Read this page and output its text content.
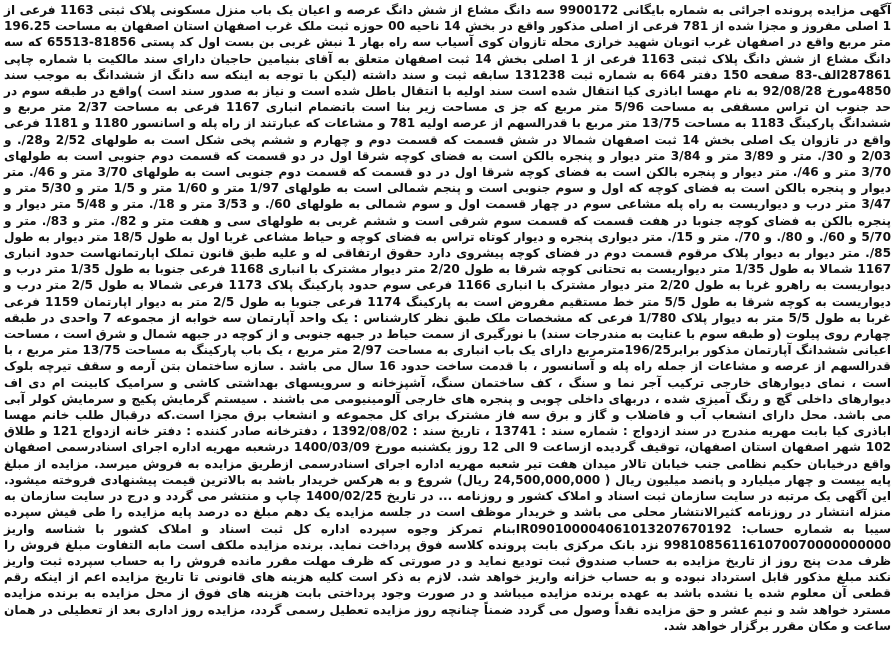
آگهی مزایده پرونده اجرائی به شماره بایگانی 9900172 سه دانگ مشاع از شش دانگ عرصه و اعیان یک باب منزل مسکونی پلاک ثبتی 1163 فرعی از 1 اصلی مفروز و مجزا شده از 781 فرعی از اصلی مذکور واقع در بخش 14 ناحیه 00 حوزه ثبت ملک غرب اصفهان استان اصفهان به مساحت 196.25 متر مربع واقع در اصفهان غرب اتوبان شهید خرازی محله تازوان کوی آسیاب سه راه بهار 1 نبش غربی بن بست اول کد پستی 81856-65513 که سه دانگ مشاع از شش دانگ پلاک ثبتی 1163 فرعی از 1 اصلی بخش 14 ثبت اصفهان متعلق به آقای بنیامین حاجیان دارای سند مالکیت با شماره چاپی 287861الف-83 صفحه 150 دفتر 664 به شماره ثبت 131238 سابقه ثبت و سند داشته (لیکن با توجه به اینکه سه دانگ از ششدانگ به موجب سند 4850مورخ 92/08/28 به نام مهسا اباذری کیا انتقال شده است سند اولیه با انتقال باطل شده است و نیاز به صدور سند است )واقع در طبقه سوم در حد جنوب ان تراس مسقفی به مساحت 5/96 متر مربع که جز ی مساحت زیر بنا است باتضمام انباری 1167 فرعی به مساحت 2/37 متر مربع و ششدانگ پارکینگ 1183 به مساحت 13/75 متر مربع با قدرالسهم از عرصه اولیه 781 و مشاعات که عبارتند از راه پله و اسانسور 1180 و 1181 فرعی واقع در تازوان یک اصلی بخش 14 ثبت اصفهان شمالا در شش قسمت که قسمت دوم و چهارم و ششم پخی شکل است به طولهای 2/52 و28/. و 2/03 و 30/. متر و 3/89 متر و 3/84 متر دیوار و پنجره بالکن است به فضای کوچه شرقا اول در دو قسمت که قسمت دوم جنوبی است به طولهای 3/70 متر و 46/. متر دیوار و پنجره بالکن است به فضای کوچه شرقا اول در دو قسمت که قسمت دوم جنوبی است به طولهای 3/70 متر و 46/. متر دیوار و پنجره بالکن است به فضای کوچه که اول و سوم جنوبی است و پنجم شمالی است به طولهای 1/97 متر و 1/60 متر و 1/5 متر و 5/30 متر و 3/47 متر درب و دیواریست به راه پله مشاعی سوم در چهار قسمت اول و سوم شمالی به طولهای 60/. و 3/53 متر و 18/. متر و 5/48 متر دیوار و پنجره بالکن به فضای کوچه جنوبا در هفت قسمت که قسمت سوم شرقی است و ششم غربی به طولهای سی و هفت متر و 82/. متر و 83/. متر و 5/70 و 60/. و 80/. و 70/. متر و 15/. متر دیواری پنجره و دیوار کوتاه تراس به فضای کوچه و حیاط مشاعی غربا اول به طول 18/5 متر دیوار به طول 85/. متر دیوار به دیوار پلاک مرقوم قسمت دوم در فضای کوچه پیشروی دارد حقوق ارتفاقی له و علیه طبق قانون تملک اپارتمانهاست حدود انباری 1167 شمالا به طول 1/35 متر دیواریست به تحتانی کوچه شرقا به طول 2/20 متر دیوار مشترک با انباری 1168 فرعی جنوبا به طول 1/35 متر درب و دیواریست به راهرو غربا به طول 2/20 متر دیوار مشترک با انباری 1166 فرعی سوم حدود پارکینگ پلاک 1173 فرعی شمالا به طول 2/5 متر درب و دیواریست به کوچه شرقا به طول 5/5 متر خط مستقیم مفروض است به پارکینگ 1174 فرعی جنوبا به طول 2/5 متر به دیوار اپارتمان 1159 فرعی غربا به طول 5/5 متر به دیوار پلاک 1/780 فرعی که مشخصات ملک طبق نظر کارشناس : یک واحد آپارتمان سه خوابه از مجموعه 7 واحدی در طبقه چهارم روی پیلوت (و طبقه سوم با عنایت به مندرجات سند) با نورگیری از سمت حیاط در جبهه جنوبی و از کوچه در جبهه شمال و شرق است ، مساحت اعیانی ششدانگ آپارتمان مذکور برابر196/25مترمربع دارای یک باب انباری به مساحت 2/97 متر مربع ، یک باب پارکینگ به مساحت 13/75 متر مربع ، با قدرالسهم از عرصه و مشاعات از جمله راه پله و آسانسور ، با قدمت ساخت حدود 16 سال می باشد . سازه ساختمان بتن آرمه و سقف تیرچه بلوک است ، نمای دیوارهای خارجی ترکیب آجر نما و سنگ ، کف ساختمان سنگ، آشپزخانه و سرویسهای بهداشتی کاشی و سرامیک کابینت ام دی اف دیوارهای داخلی گچ و رنگ آمیزی شده ، دربهای داخلی چوبی و پنجره های خارجی آلومینیومی می باشند . سیستم گرمایش پکیج و سرمایش کولر آبی می باشد. محل دارای انشعاب آب و فاضلاب و گاز و برق سه فاز مشترک برای کل مجموعه و انشعاب برق مجزا است.که درقبال طلب خانم مهسا اباذری کیا بابت مهریه مندرج در سند ازدواج : شماره سند : 13741 ، تاریخ سند : 1392/08/02 ، دفترخانه صادر کننده : دفتر خانه ازدواج 121 و طلاق 102 شهر اصفهان استان اصفهان، توقیف گردیده ازساعت 9 الی 12 روز یکشنبه مورخ 1400/03/09 درشعبه مهریه اداره اجرای اسنادرسمی اصفهان واقع درخیابان حکیم نظامی جنب خیابان تالار میدان هفت تیر شعبه مهریه اداره اجرای اسنادرسمی ازطریق مزایده به فروش میرسد. مزایده از مبلغ پایه بیست و چهار میلیارد و پانصد میلیون ریال ( 24,500,000,000 ریال) شروع و به هرکس خریدار باشد به بالاترین قیمت پیشنهادی فروخته میشود. این آگهی یک مرتبه در سایت سازمان ثبت اسناد و املاک کشور و روزنامه ... در تاریخ 1400/02/25 چاپ و منتشر می گردد و درج در سایت سازمان به منزله انتشار در روزنامه کثیرالانتشار محلی می باشد و خریدار موظف است در جلسه مزایده یک دهم مبلغ ده درصد پایه مزایده را طی فیش سپرده سیبا به شماره حساب: IR090100004061013207670192بنام تمرکز وجوه سپرده اداره کل ثبت اسناد و املاک کشور با شناسه واریز 998108561161070070000000000 نزد بانک مرکزی بابت پرونده کلاسه فوق پرداخت نماید. برنده مزایده ملکف است مابه التفاوت مبلغ فروش را ظرف مدت پنج روز از تاریخ مزایده به حساب صندوق ثبت تودیع نماید و در صورتی که ظرف مهلت مقرر مانده فروش را به حساب سپرده ثبت واریز نکند مبلغ مذکور قابل استرداد نبوده و به حساب خزانه واریز خواهد شد. لازم به ذکر است کلیه هزینه های قانونی تا تاریخ مزایده اعم از اینکه رقم قطعی آن معلوم شده یا نشده باشد به عهده برنده مزایده میباشد و در صورت وجود پرداختی بابت هزینه های فوق از محل مزایده به برنده مزایده مسترد خواهد شد و نیم عشر و حق مزایده نقداً وصول می گردد ضمناً چنانچه روز مزایده تعطیل رسمی گردد، مزایده روز اداری بعد از تعطیلی در همان ساعت و مکان مقرر برگزار خواهد شد.
